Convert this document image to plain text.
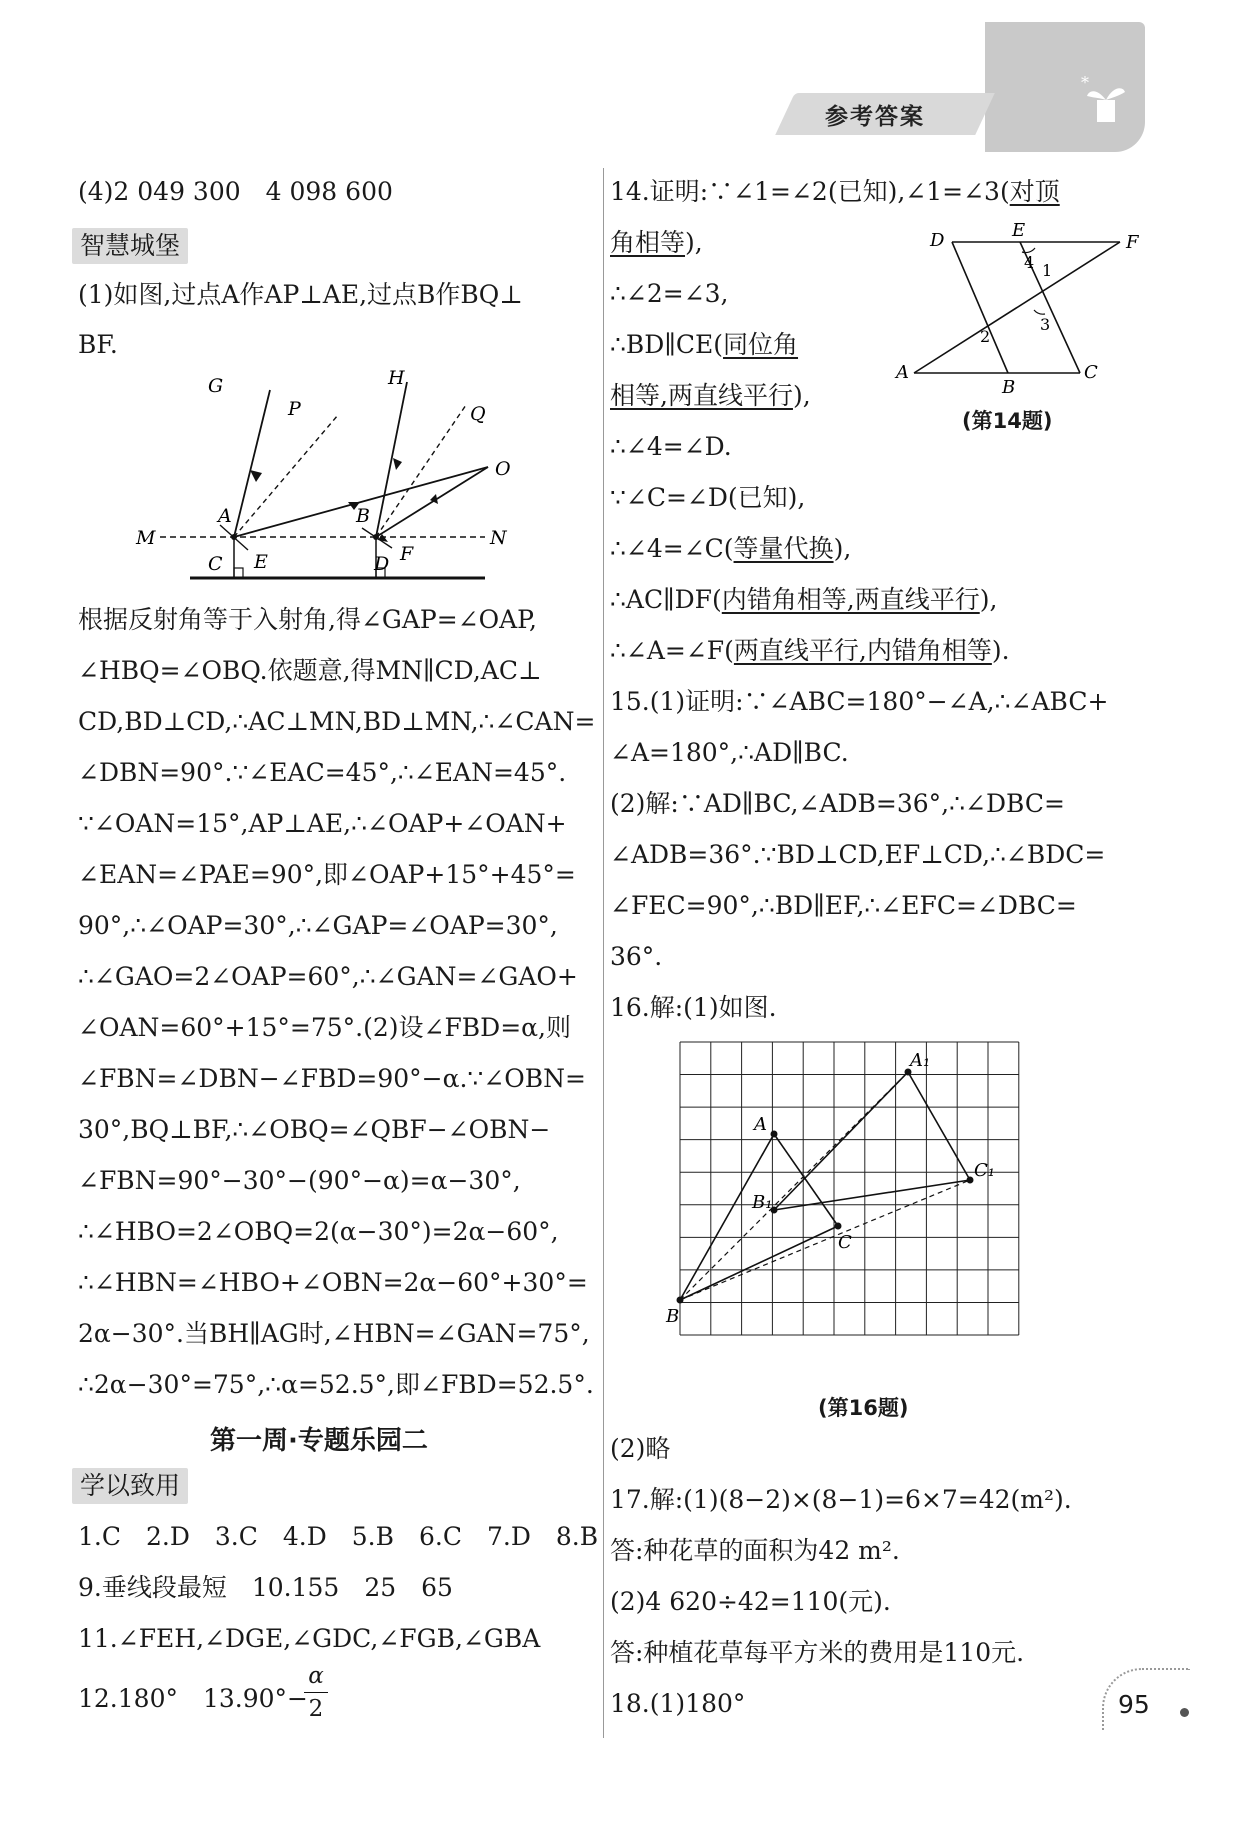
参考答案
*
(4)2 049 300　4 098 600
智慧城堡
(1)如图,过点A作AP⊥AE,过点B作BQ⊥
BF.
G
P
H
Q
O
A	B
M	N
C E	D F
根据反射角等于入射角,得∠GAP=∠OAP,
∠HBQ=∠OBQ.依题意,得MN∥CD,AC⊥
CD,BD⊥CD,∴AC⊥MN,BD⊥MN,∴∠CAN=
∠DBN=90°.∵∠EAC=45°,∴∠EAN=45°.
∵∠OAN=15°,AP⊥AE,∴∠OAP+∠OAN+
∠EAN=∠PAE=90°,即∠OAP+15°+45°=
90°,∴∠OAP=30°,∴∠GAP=∠OAP=30°,
∴∠GAO=2∠OAP=60°,∴∠GAN=∠GAO+
∠OAN=60°+15°=75°.(2)设∠FBD=α,则
∠FBN=∠DBN−∠FBD=90°−α.∵∠OBN=
30°,BQ⊥BF,∴∠OBQ=∠QBF−∠OBN−
∠FBN=90°−30°−(90°−α)=α−30°,
∴∠HBO=2∠OBQ=2(α−30°)=2α−60°,
∴∠HBN=∠HBO+∠OBN=2α−60°+30°=
2α−30°.当BH∥AG时,∠HBN=∠GAN=75°,
∴2α−30°=75°,∴α=52.5°,即∠FBD=52.5°.
第一周·专题乐园二
学以致用
1.C　2.D　3.C　4.D　5.B　6.C　7.D　8.B
9.垂线段最短　10.155　25　65
11.∠FEH,∠DGE,∠GDC,∠FGB,∠GBA
12.180°　13.90°−
α
2
14.证明:∵∠1=∠2(已知),∠1=∠3(对顶
角相等),
∴∠2=∠3,
∴BD∥CE(同位角
相等,两直线平行),
D	E
F
4 1
3
2
A
B
C
(第14题)
∴∠4=∠D.
∵∠C=∠D(已知),
∴∠4=∠C(等量代换),
∴AC∥DF(内错角相等,两直线平行),
∴∠A=∠F(两直线平行,内错角相等).
15.(1)证明:∵∠ABC=180°−∠A,∴∠ABC+
∠A=180°,∴AD∥BC.
(2)解:∵AD∥BC,∠ADB=36°,∴∠DBC=
∠ADB=36°.∵BD⊥CD,EF⊥CD,∴∠BDC=
∠FEC=90°,∴BD∥EF,∴∠EFC=∠DBC=
36°.
16.解:(1)如图.
A₁
A
C₁
B₁
C
B
(第16题)
(2)略
17.解:(1)(8−2)×(8−1)=6×7=42(m²).
答:种花草的面积为42 m².
(2)4 620÷42=110(元).
答:种植花草每平方米的费用是110元.
18.(1)180°	95
